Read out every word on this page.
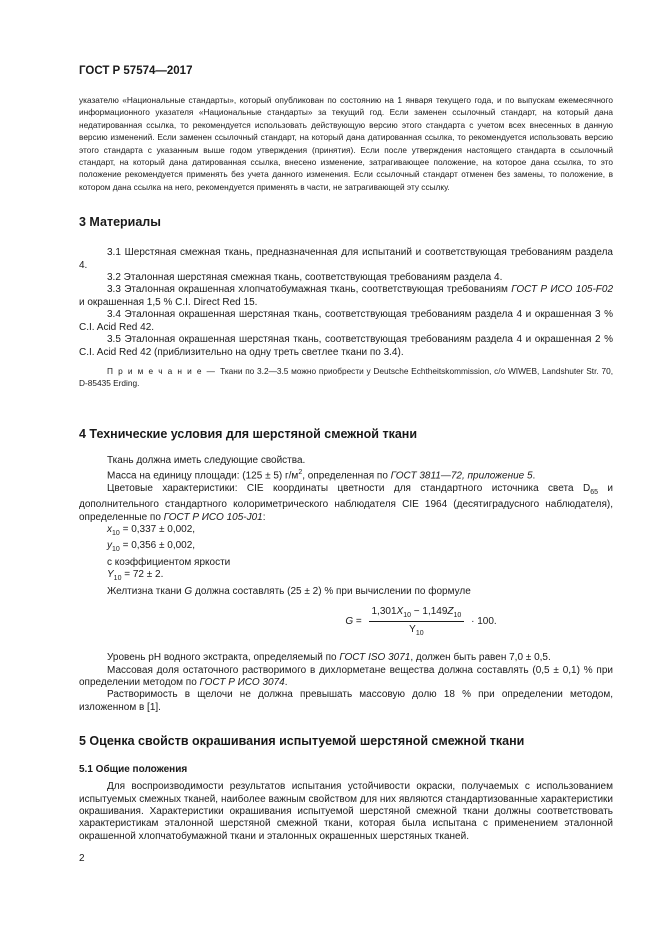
ГОСТ Р 57574—2017

указателю «Национальные стандарты», который опубликован по состоянию на 1 января текущего года, и по выпускам ежемесячного информационного указателя «Национальные стандарты» за текущий год. Если заменен ссылочный стандарт, на который дана недатированная ссылка, то рекомендуется использовать действующую версию этого стандарта с учетом всех внесенных в данную версию изменений. Если заменен ссылочный стандарт, на который дана датированная ссылка, то рекомендуется использовать версию этого стандарта с указанным выше годом утверждения (принятия). Если после утверждения настоящего стандарта в ссылочный стандарт, на который дана датированная ссылка, внесено изменение, затрагивающее положение, на которое дана ссылка, то это положение рекомендуется применять без учета данного изменения. Если ссылочный стандарт отменен без замены, то положение, в котором дана ссылка на него, рекомендуется применять в части, не затрагивающей эту ссылку.

3 Материалы

3.1 Шерстяная смежная ткань, предназначенная для испытаний и соответствующая требованиям раздела 4.

3.2 Эталонная шерстяная смежная ткань, соответствующая требованиям раздела 4.

3.3 Эталонная окрашенная хлопчатобумажная ткань, соответствующая требованиям ГОСТ Р ИСО 105-F02 и окрашенная 1,5 % C.I. Direct Red 15.

3.4 Эталонная окрашенная шерстяная ткань, соответствующая требованиям раздела 4 и окрашенная 3 % C.I. Acid Red 42.

3.5 Эталонная окрашенная шерстяная ткань, соответствующая требованиям раздела 4 и окрашенная 2 % C.I. Acid Red 42 (приблизительно на одну треть светлее ткани по 3.4).

П р и м е ч а н и е — Ткани по 3.2—3.5 можно приобрести у Deutsche Echtheitskommission, c/o WIWEB, Landshuter Str. 70, D-85435 Erding.

4 Технические условия для шерстяной смежной ткани

Ткань должна иметь следующие свойства.

Масса на единицу площади: (125 ± 5) $г/м^2$, определенная по ГОСТ 3811—72, приложение 5.

Цветовые характеристики: CIE координаты цветности для стандартного источника света $D_{65}$ и дополнительного стандартного колориметрического наблюдателя CIE 1964 (десятиградусного наблюдателя), определенные по ГОСТ Р ИСО 105-J01:

$x_{10} = 0,337 \pm 0,002$,

$y_{10} = 0,356 \pm 0,002$,

с коэффициентом яркости

$Y_{10} = 72 \pm 2$.

Желтизна ткани G должна составлять (25 ± 2) % при вычислении по формуле

$G = \frac{1,301X_{10} - 1,149Z_{10}}{Y_{10}} \cdot 100$.

Уровень pH водного экстракта, определяемый по ГОСТ ISO 3071, должен быть равен 7,0 ± 0,5.

Массовая доля остаточного растворимого в дихлорметане вещества должна составлять (0,5 ± 0,1) % при определении методом по ГОСТ Р ИСО 3074.

Растворимость в щелочи не должна превышать массовую долю 18 % при определении методом, изложенном в [1].

5 Оценка свойств окрашивания испытуемой шерстяной смежной ткани
5.1 Общие положения

Для воспроизводимости результатов испытания устойчивости окраски, получаемых с использованием испытуемых смежных тканей, наиболее важным свойством для них являются стандартизованные характеристики окрашивания. Характеристики окрашивания испытуемой шерстяной смежной ткани должны соответствовать характеристикам эталонной шерстяной смежной ткани, которая была испытана с применением эталонной окрашенной хлопчатобумажной ткани и эталонных окрашенных шерстяных тканей.

2
